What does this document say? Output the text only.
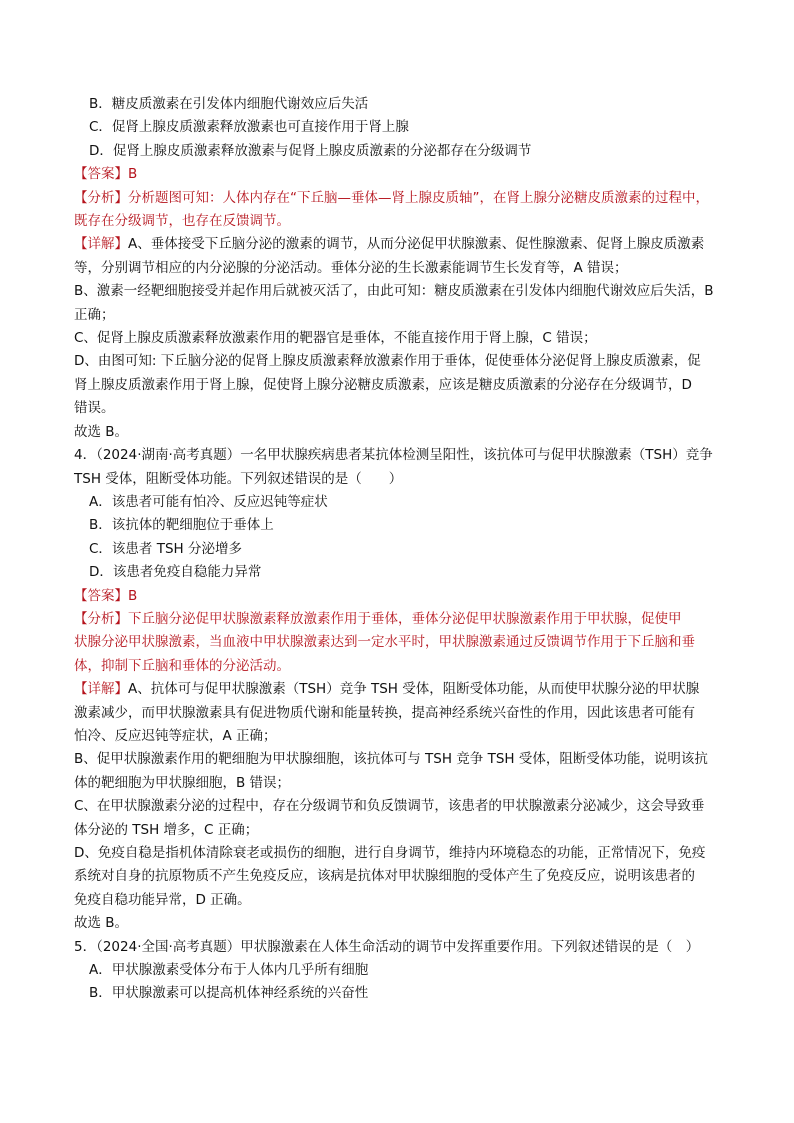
B．糖皮质激素在引发体内细胞代谢效应后失活
C．促肾上腺皮质激素释放激素也可直接作用于肾上腺
D．促肾上腺皮质激素释放激素与促肾上腺皮质激素的分泌都存在分级调节
【答案】B
【分析】分析题图可知：人体内存在“下丘脑—垂体—肾上腺皮质轴”，在肾上腺分泌糖皮质激素的过程中，
既存在分级调节，也存在反馈调节。
【详解】A、垂体接受下丘脑分泌的激素的调节，从而分泌促甲状腺激素、促性腺激素、促肾上腺皮质激素
等，分别调节相应的内分泌腺的分泌活动。垂体分泌的生长激素能调节生长发育等，A 错误；
B、激素一经靶细胞接受并起作用后就被灭活了，由此可知：糖皮质激素在引发体内细胞代谢效应后失活，B
正确；
C、促肾上腺皮质激素释放激素作用的靶器官是垂体，不能直接作用于肾上腺，C 错误；
D、由图可知: 下丘脑分泌的促肾上腺皮质激素释放激素作用于垂体，促使垂体分泌促肾上腺皮质激素，促
肾上腺皮质激素作用于肾上腺，促使肾上腺分泌糖皮质激素，应该是糖皮质激素的分泌存在分级调节，D
错误。
故选 B。
4．（2024·湖南·高考真题）一名甲状腺疾病患者某抗体检测呈阳性，该抗体可与促甲状腺激素（TSH）竞争
TSH 受体，阻断受体功能。下列叙述错误的是（　　）
A．该患者可能有怕冷、反应迟钝等症状
B．该抗体的靶细胞位于垂体上
C．该患者 TSH 分泌增多
D．该患者免疫自稳能力异常
【答案】B
【分析】下丘脑分泌促甲状腺激素释放激素作用于垂体，垂体分泌促甲状腺激素作用于甲状腺，促使甲
状腺分泌甲状腺激素，当血液中甲状腺激素达到一定水平时，甲状腺激素通过反馈调节作用于下丘脑和垂
体，抑制下丘脑和垂体的分泌活动。
【详解】A、抗体可与促甲状腺激素（TSH）竞争 TSH 受体，阻断受体功能，从而使甲状腺分泌的甲状腺
激素减少，而甲状腺激素具有促进物质代谢和能量转换，提高神经系统兴奋性的作用，因此该患者可能有
怕冷、反应迟钝等症状，A 正确；
B、促甲状腺激素作用的靶细胞为甲状腺细胞，该抗体可与 TSH 竞争 TSH 受体，阻断受体功能，说明该抗
体的靶细胞为甲状腺细胞，B 错误；
C、在甲状腺激素分泌的过程中，存在分级调节和负反馈调节，该患者的甲状腺激素分泌减少，这会导致垂
体分泌的 TSH 增多，C 正确；
D、免疫自稳是指机体清除衰老或损伤的细胞，进行自身调节，维持内环境稳态的功能，正常情况下，免疫
系统对自身的抗原物质不产生免疫反应，该病是抗体对甲状腺细胞的受体产生了免疫反应，说明该患者的
免疫自稳功能异常，D 正确。
故选 B。
5．（2024·全国·高考真题）甲状腺激素在人体生命活动的调节中发挥重要作用。下列叙述错误的是（　）
A．甲状腺激素受体分布于人体内几乎所有细胞
B．甲状腺激素可以提高机体神经系统的兴奋性
